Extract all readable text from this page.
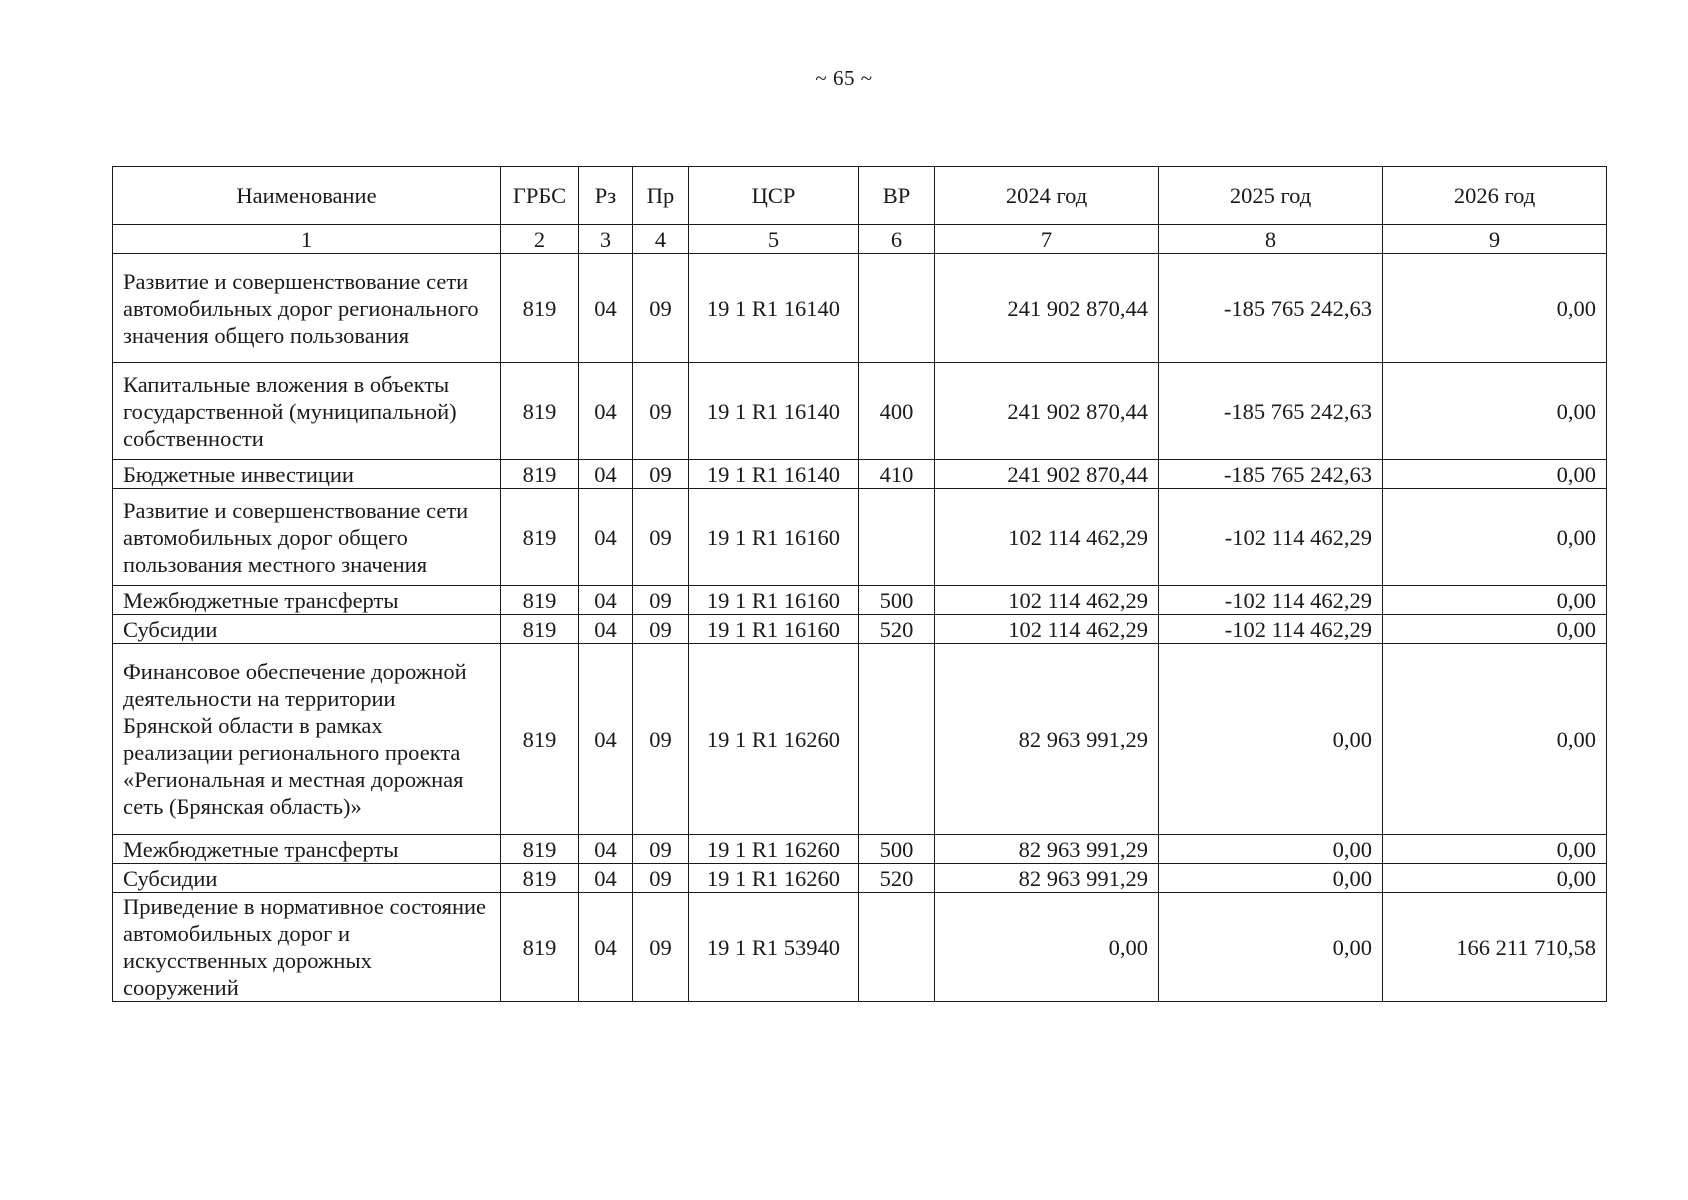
~ 65 ~
Наименование	ГРБС	Рз	Пр	ЦСР	ВР	2024 год	2025 год	2026 год
1	2	3	4	5	6	7	8	9
Развитие и совершенствование сети автомобильных дорог регионального значения общего пользования	819	04	09	19 1 R1 16140		241 902 870,44	-185 765 242,63	0,00
Капитальные вложения в объекты государственной (муниципальной) собственности	819	04	09	19 1 R1 16140	400	241 902 870,44	-185 765 242,63	0,00
Бюджетные инвестиции	819	04	09	19 1 R1 16140	410	241 902 870,44	-185 765 242,63	0,00
Развитие и совершенствование сети автомобильных дорог общего пользования местного значения	819	04	09	19 1 R1 16160		102 114 462,29	-102 114 462,29	0,00
Межбюджетные трансферты	819	04	09	19 1 R1 16160	500	102 114 462,29	-102 114 462,29	0,00
Субсидии	819	04	09	19 1 R1 16160	520	102 114 462,29	-102 114 462,29	0,00
Финансовое обеспечение дорожной деятельности на территории Брянской области в рамках реализации регионального проекта «Региональная и местная дорожная сеть (Брянская область)»	819	04	09	19 1 R1 16260		82 963 991,29	0,00	0,00
Межбюджетные трансферты	819	04	09	19 1 R1 16260	500	82 963 991,29	0,00	0,00
Субсидии	819	04	09	19 1 R1 16260	520	82 963 991,29	0,00	0,00
Приведение в нормативное состояние автомобильных дорог и искусственных дорожных сооружений	819	04	09	19 1 R1 53940		0,00	0,00	166 211 710,58
